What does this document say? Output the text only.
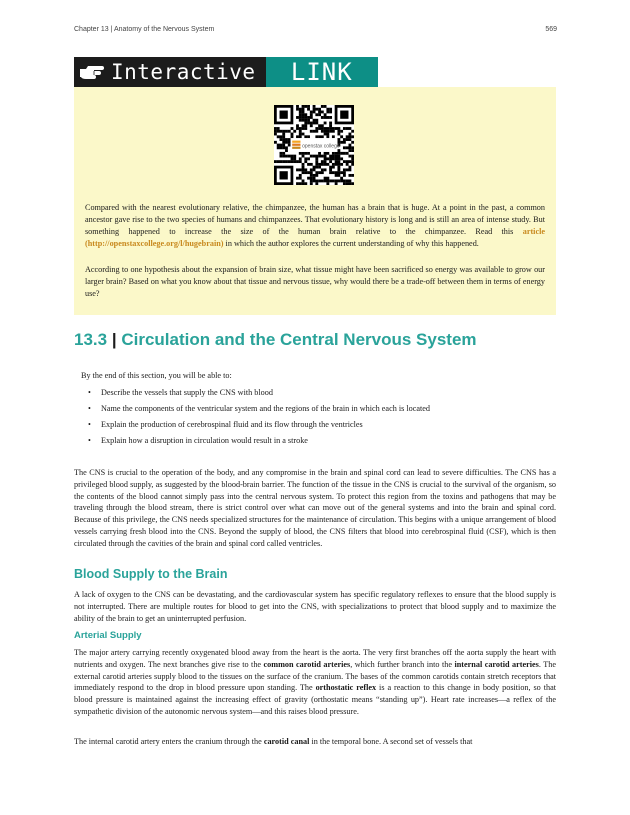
Chapter 13 | Anatomy of the Nervous System	569
Interactive	LINK
openstax college

Compared with the nearest evolutionary relative, the chimpanzee, the human has a brain that is huge. At a point in the past, a common ancestor gave rise to the two species of humans and chimpanzees. That evolutionary history is long and is still an area of intense study. But something happened to increase the size of the human brain relative to the chimpanzee. Read this article (http://openstaxcollege.org/l/hugebrain) in which the author explores the current understanding of why this happened.

According to one hypothesis about the expansion of brain size, what tissue might have been sacrificed so energy was available to grow our larger brain? Based on what you know about that tissue and nervous tissue, why would there be a trade-off between them in terms of energy use?

13.3 | Circulation and the Central Nervous System

By the end of this section, you will be able to:

• Describe the vessels that supply the CNS with blood
• Name the components of the ventricular system and the regions of the brain in which each is located
• Explain the production of cerebrospinal fluid and its flow through the ventricles
• Explain how a disruption in circulation would result in a stroke

The CNS is crucial to the operation of the body, and any compromise in the brain and spinal cord can lead to severe difficulties. The CNS has a privileged blood supply, as suggested by the blood-brain barrier. The function of the tissue in the CNS is crucial to the survival of the organism, so the contents of the blood cannot simply pass into the central nervous system. To protect this region from the toxins and pathogens that may be traveling through the blood stream, there is strict control over what can move out of the general systems and into the brain and spinal cord. Because of this privilege, the CNS needs specialized structures for the maintenance of circulation. This begins with a unique arrangement of blood vessels carrying fresh blood into the CNS. Beyond the supply of blood, the CNS filters that blood into cerebrospinal fluid (CSF), which is then circulated through the cavities of the brain and spinal cord called ventricles.

Blood Supply to the Brain

A lack of oxygen to the CNS can be devastating, and the cardiovascular system has specific regulatory reflexes to ensure that the blood supply is not interrupted. There are multiple routes for blood to get into the CNS, with specializations to protect that blood supply and to maximize the ability of the brain to get an uninterrupted perfusion.

Arterial Supply

The major artery carrying recently oxygenated blood away from the heart is the aorta. The very first branches off the aorta supply the heart with nutrients and oxygen. The next branches give rise to the common carotid arteries, which further branch into the internal carotid arteries. The external carotid arteries supply blood to the tissues on the surface of the cranium. The bases of the common carotids contain stretch receptors that immediately respond to the drop in blood pressure upon standing. The orthostatic reflex is a reaction to this change in body position, so that blood pressure is maintained against the increasing effect of gravity (orthostatic means “standing up”). Heart rate increases—a reflex of the sympathetic division of the autonomic nervous system—and this raises blood pressure.

The internal carotid artery enters the cranium through the carotid canal in the temporal bone. A second set of vessels that
